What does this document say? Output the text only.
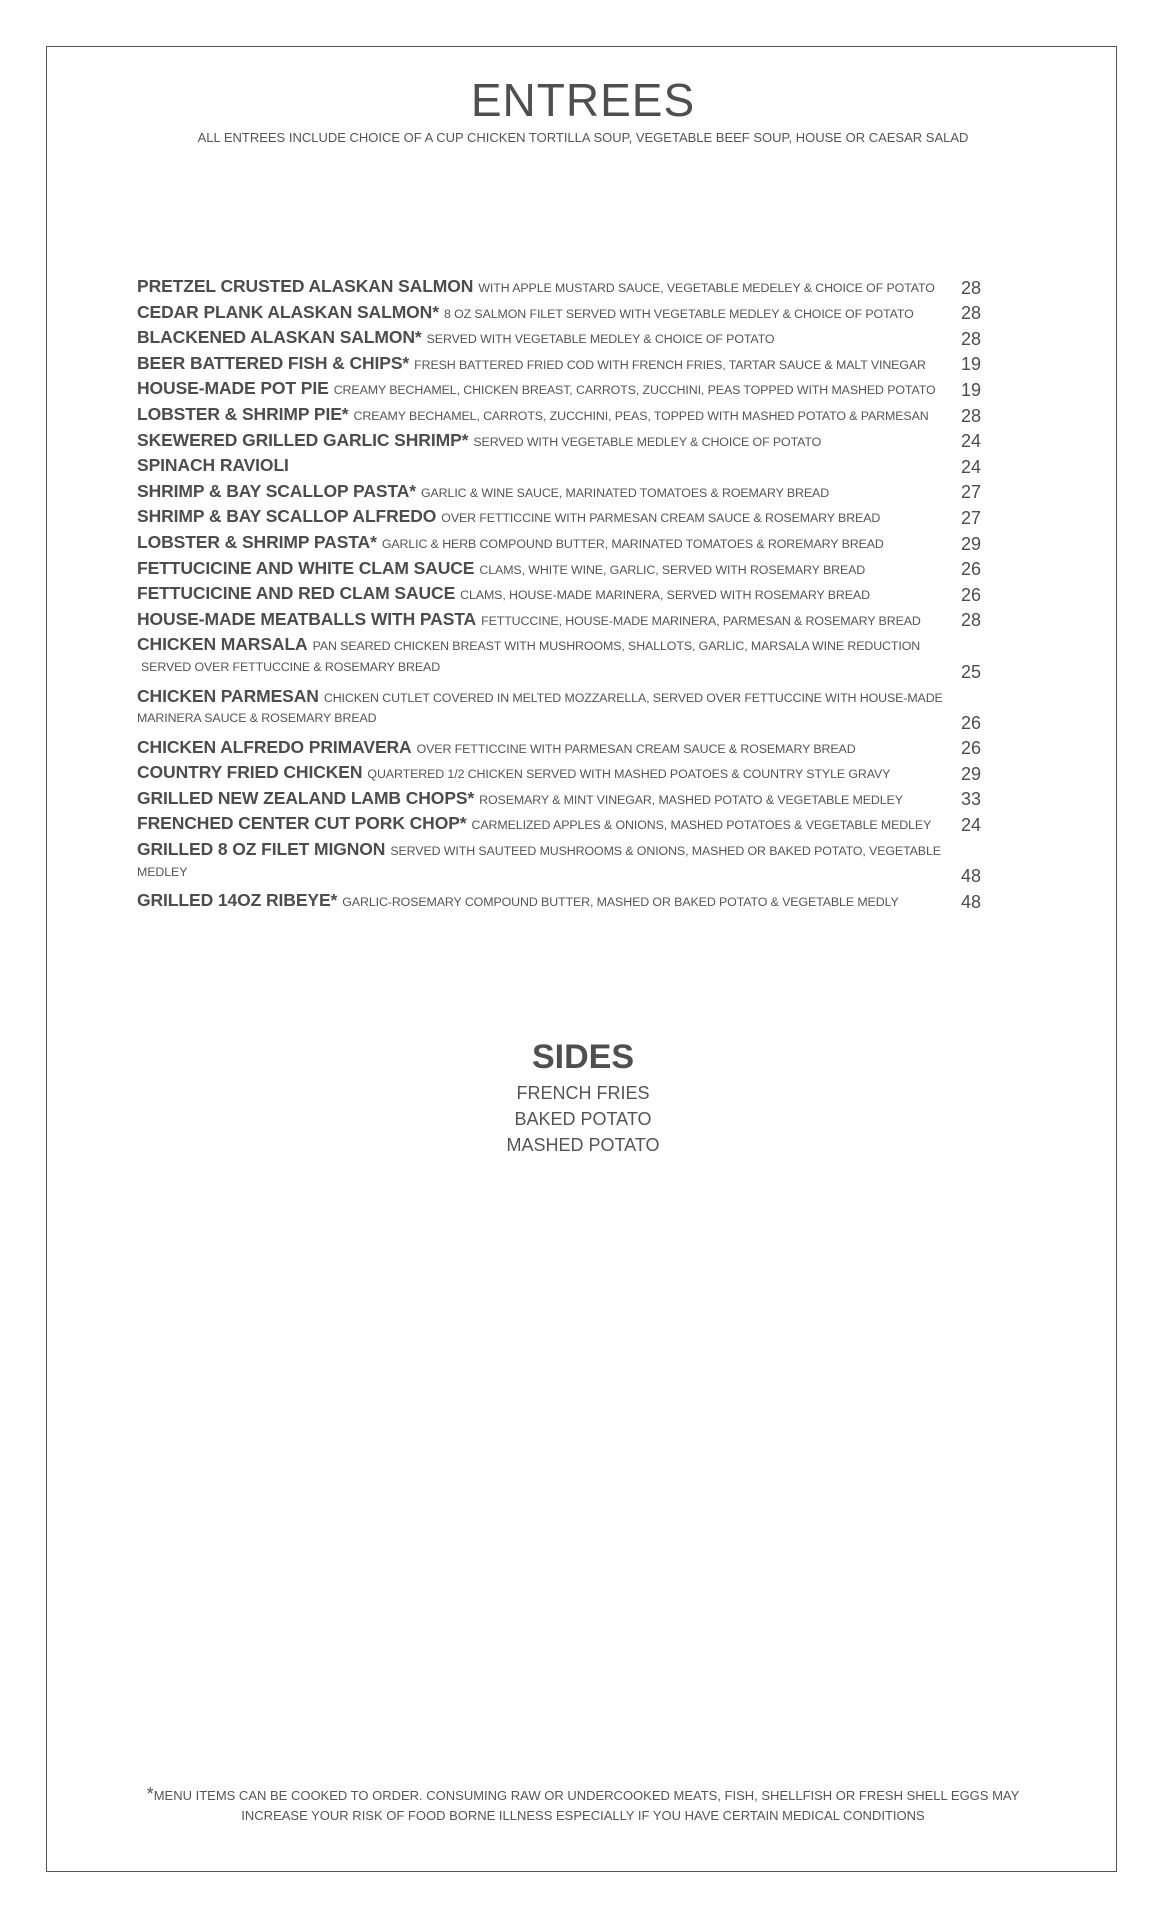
ENTREES
ALL ENTREES INCLUDE CHOICE OF A CUP CHICKEN TORTILLA SOUP, VEGETABLE BEEF SOUP, HOUSE OR CAESAR SALAD
PRETZEL CRUSTED ALASKAN SALMON WITH APPLE MUSTARD SAUCE, VEGETABLE MEDELEY & CHOICE OF POTATO 28
CEDAR PLANK ALASKAN SALMON* 8 OZ SALMON FILET SERVED WITH VEGETABLE MEDLEY & CHOICE OF POTATO	28
BLACKENED ALASKAN SALMON* SERVED WITH VEGETABLE MEDLEY & CHOICE OF POTATO	28
BEER BATTERED FISH & CHIPS* FRESH BATTERED FRIED COD WITH FRENCH FRIES, TARTAR SAUCE & MALT VINEGAR 19
HOUSE-MADE POT PIE CREAMY BECHAMEL, CHICKEN BREAST, CARROTS, ZUCCHINI, PEAS TOPPED WITH MASHED POTATO 19
LOBSTER & SHRIMP PIE* CREAMY BECHAMEL, CARROTS, ZUCCHINI, PEAS, TOPPED WITH MASHED POTATO & PARMESAN 28
SKEWERED GRILLED GARLIC SHRIMP* SERVED WITH VEGETABLE MEDLEY & CHOICE OF POTATO	24
SPINACH RAVIOLI	24
SHRIMP & BAY SCALLOP PASTA* GARLIC & WINE SAUCE, MARINATED TOMATOES & ROEMARY BREAD	27
SHRIMP & BAY SCALLOP ALFREDO OVER FETTICCINE WITH PARMESAN CREAM SAUCE & ROSEMARY BREAD	27
LOBSTER & SHRIMP PASTA* GARLIC & HERB COMPOUND BUTTER, MARINATED TOMATOES & ROREMARY BREAD	29
FETTUCICINE AND WHITE CLAM SAUCE CLAMS, WHITE WINE, GARLIC, SERVED WITH ROSEMARY BREAD	26
FETTUCICINE AND RED CLAM SAUCE CLAMS, HOUSE-MADE MARINERA, SERVED WITH ROSEMARY BREAD	26
HOUSE-MADE MEATBALLS WITH PASTA FETTUCCINE, HOUSE-MADE MARINERA, PARMESAN & ROSEMARY BREAD 28
CHICKEN MARSALA PAN SEARED CHICKEN BREAST WITH MUSHROOMS, SHALLOTS, GARLIC, MARSALA WINE REDUCTION
SERVED OVER FETTUCCINE & ROSEMARY BREAD	25
CHICKEN PARMESAN CHICKEN CUTLET COVERED IN MELTED MOZZARELLA, SERVED OVER FETTUCCINE WITH HOUSE-MADE
MARINERA SAUCE & ROSEMARY BREAD	26
CHICKEN ALFREDO PRIMAVERA OVER FETTICCINE WITH PARMESAN CREAM SAUCE & ROSEMARY BREAD	26
COUNTRY FRIED CHICKEN QUARTERED 1/2 CHICKEN SERVED WITH MASHED POATOES & COUNTRY STYLE GRAVY	29
GRILLED NEW ZEALAND LAMB CHOPS* ROSEMARY & MINT VINEGAR, MASHED POTATO & VEGETABLE MEDLEY	33
FRENCHED CENTER CUT PORK CHOP* CARMELIZED APPLES & ONIONS, MASHED POTATOES & VEGETABLE MEDLEY 24
GRILLED 8 OZ FILET MIGNON SERVED WITH SAUTEED MUSHROOMS & ONIONS, MASHED OR BAKED POTATO, VEGETABLE
MEDLEY	48
GRILLED 14OZ RIBEYE* GARLIC-ROSEMARY COMPOUND BUTTER, MASHED OR BAKED POTATO & VEGETABLE MEDLY	48
SIDES
FRENCH FRIES
BAKED POTATO
MASHED POTATO
*MENU ITEMS CAN BE COOKED TO ORDER. CONSUMING RAW OR UNDERCOOKED MEATS, FISH, SHELLFISH OR FRESH SHELL EGGS MAY
INCREASE YOUR RISK OF FOOD BORNE ILLNESS ESPECIALLY IF YOU HAVE CERTAIN MEDICAL CONDITIONS
